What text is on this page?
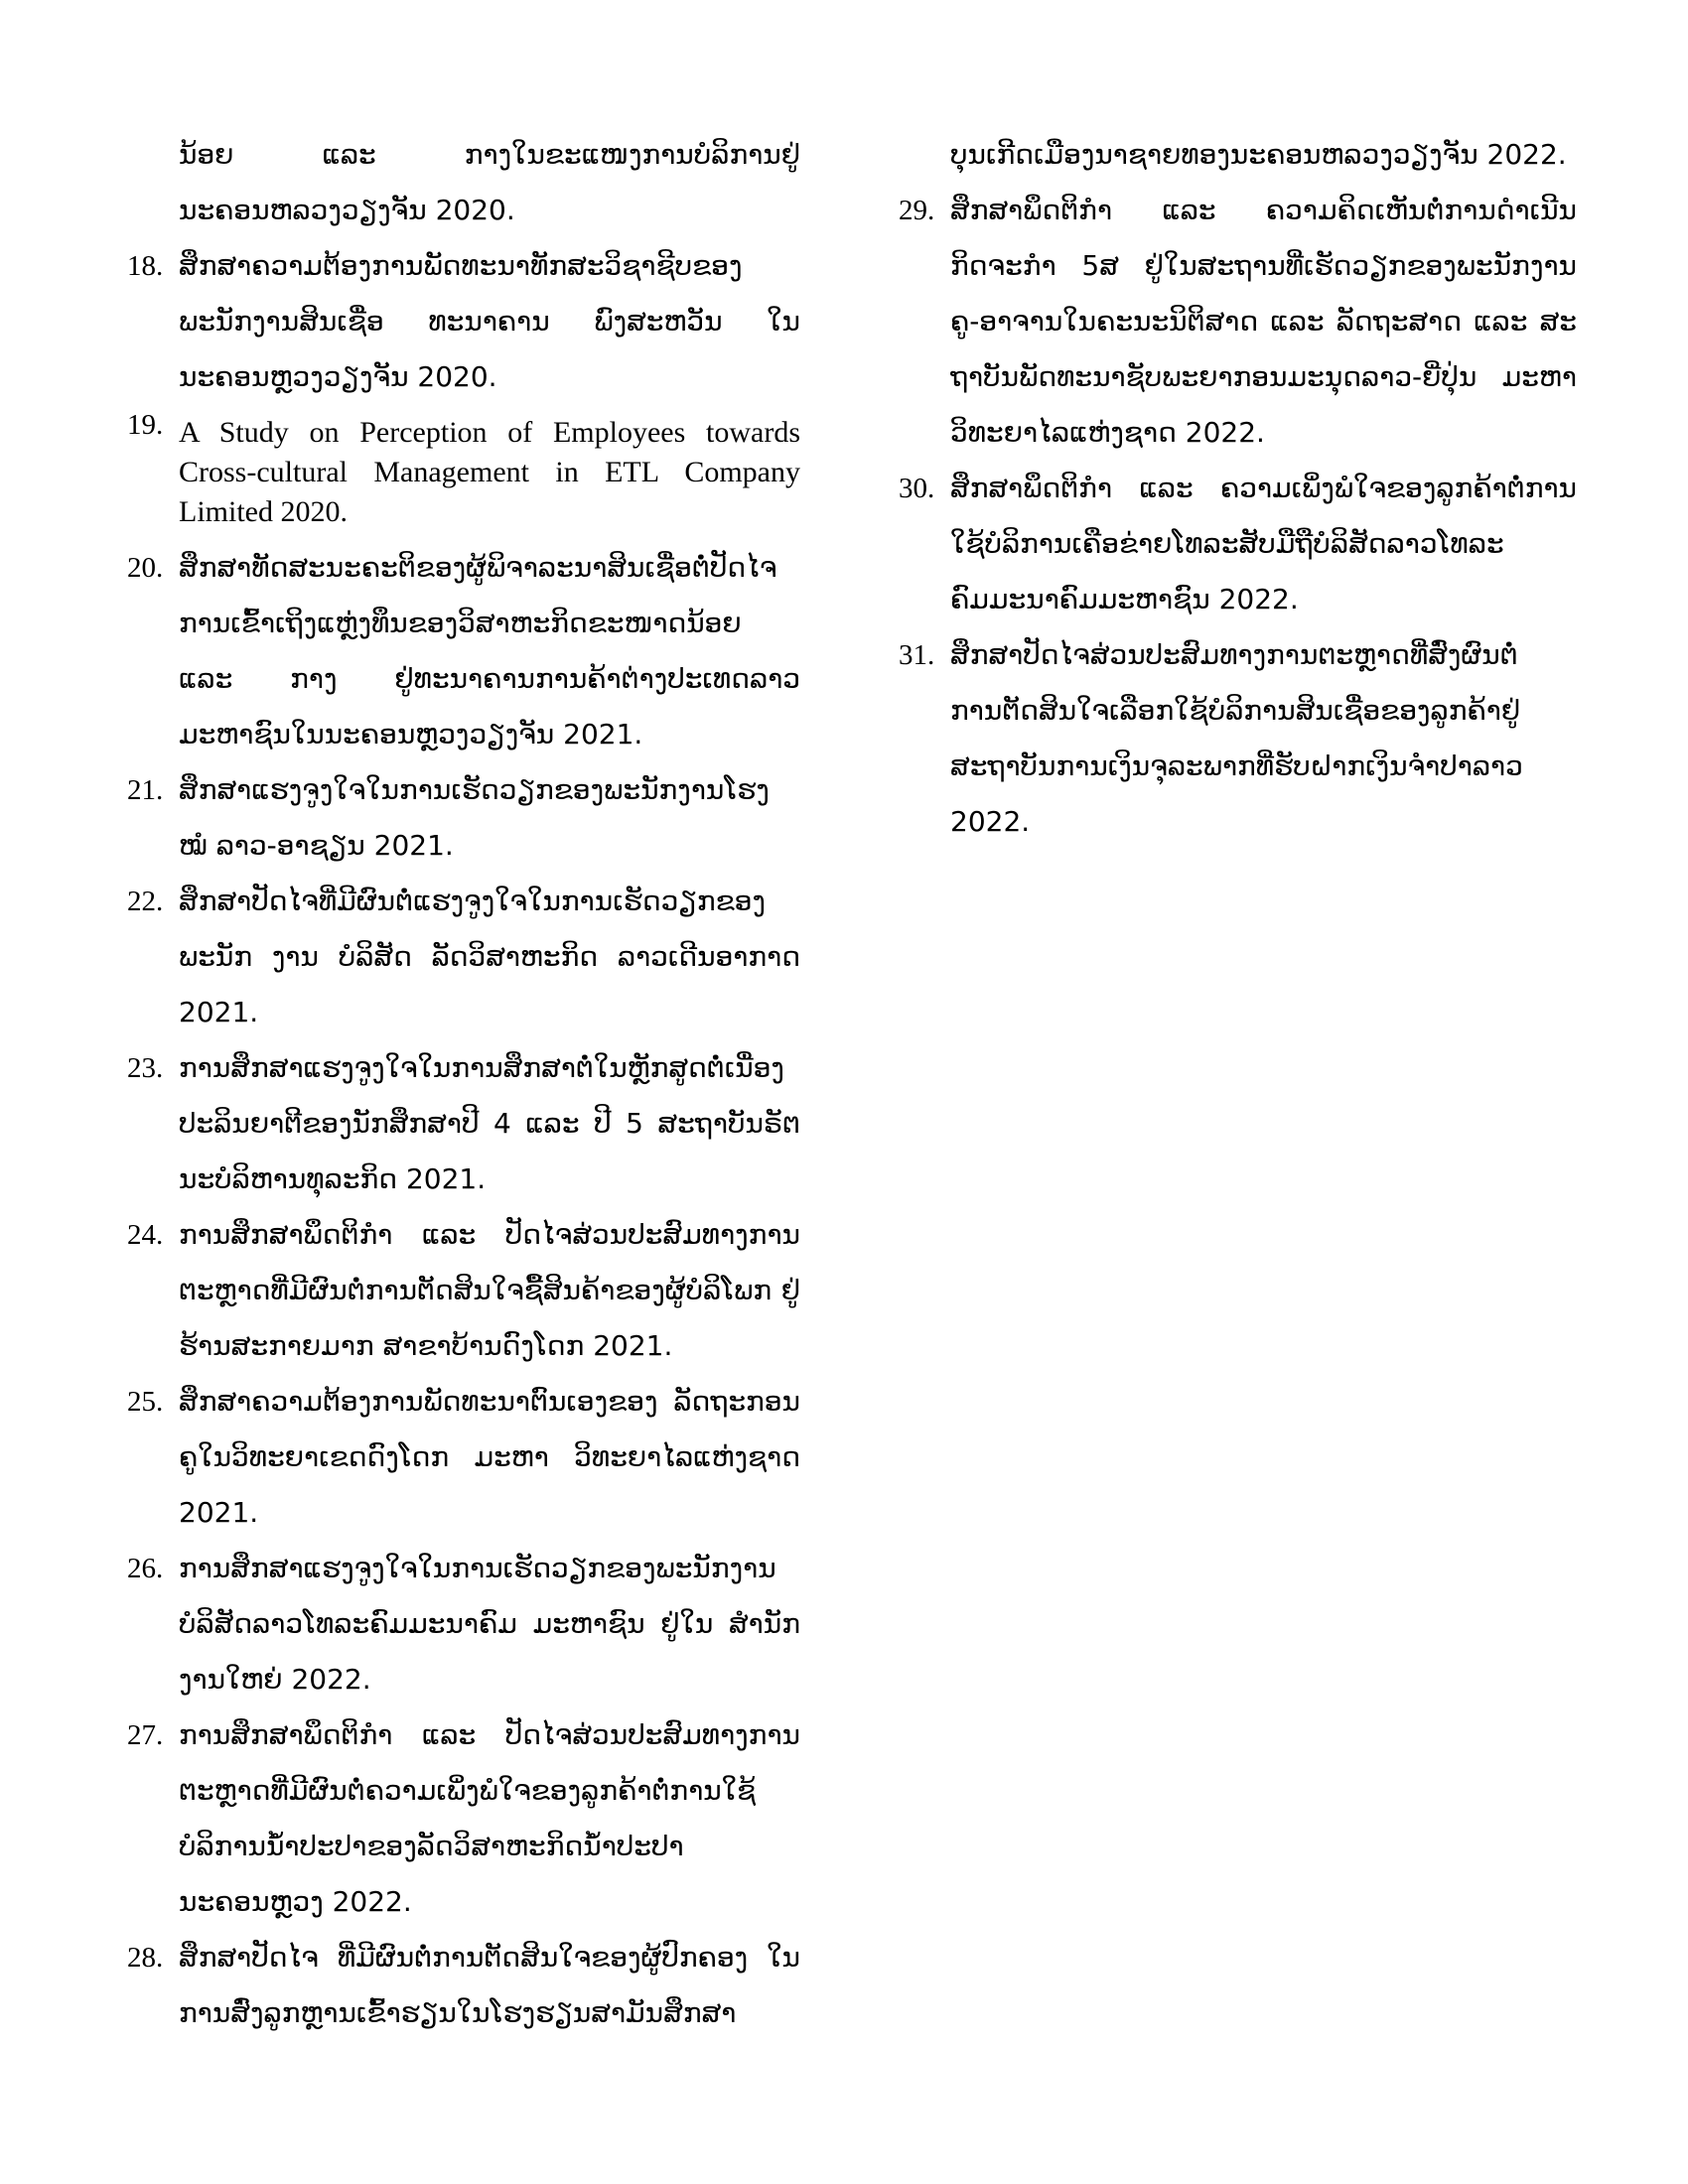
ນ້ອຍ ແລະ ກາງໃນຂະແໜງການບໍລິການຢູ່ ນະຄອນຫລວງວຽງຈັນ 2020.
18. ສຶກສາຄວາມຕ້ອງການພັດທະນາທັກສະວິຊາຊີບຂອງ ພະນັກງານສິນເຊື່ອ ທະນາຄານ ພົງສະຫວັນ ໃນ ນະຄອນຫຼວງວຽງຈັນ 2020.
19. A Study on Perception of Employees towards Cross-cultural Management in ETL Company Limited 2020.
20. ສຶກສາທັດສະນະຄະຕິຂອງຜູ້ພິຈາລະນາສິນເຊື່ອຕໍ່ປັດໄຈ ການເຂົ້າເຖິງແຫຼ່ງທຶນຂອງວິສາຫະກິດຂະໜາດນ້ອຍ ແລະ ກາງ ຢູ່ທະນາຄານການຄ້າຕ່າງປະເທດລາວ ມະຫາຊົນໃນນະຄອນຫຼວງວຽງຈັນ 2021.
21. ສຶກສາແຮງຈູງໃຈໃນການເຮັດວຽກຂອງພະນັກງານໂຮງ ໝໍ ລາວ-ອາຊຽນ 2021.
22. ສຶກສາປັດໄຈທີ່ມີຜົນຕໍ່ແຮງຈູງໃຈໃນການເຮັດວຽກຂອງ ພະນັກ ງານ ບໍລິສັດ ລັດວິສາຫະກິດ ລາວເດີນອາກາດ 2021.
23. ການສຶກສາແຮງຈູງໃຈໃນການສຶກສາຕໍ່ໃນຫຼັກສູດຕໍ່ເນື່ອງ ປະລິນຍາຕີຂອງນັກສຶກສາປີ 4 ແລະ ປີ 5 ສະຖາບັນຣັຕ ນະບໍລິຫານທຸລະກິດ 2021.
24. ການສຶກສາພຶດຕິກຳ ແລະ ປັດໄຈສ່ວນປະສົມທາງການ ຕະຫຼາດທີ່ມີຜົນຕໍ່ການຕັດສິນໃຈຊື້ສິນຄ້າຂອງຜູ້ບໍລິໂພກ ຢູ່ຮ້ານສະກາຍມາກ ສາຂາບ້ານດົງໂດກ 2021.
25. ສຶກສາຄວາມຕ້ອງການພັດທະນາຕົນເອງຂອງ ລັດຖະກອນຄູໃນວິທະຍາເຂດດົງໂດກ ມະຫາ ວິທະຍາໄລແຫ່ງຊາດ 2021.
26. ການສຶກສາແຮງຈູງໃຈໃນການເຮັດວຽກຂອງພະນັກງານ ບໍລິສັດລາວໂທລະຄົມມະນາຄົມ ມະຫາຊົນ ຢູ່ໃນ ສໍານັກງານໃຫຍ່ 2022.
27. ການສຶກສາພຶດຕິກຳ ແລະ ປັດໄຈສ່ວນປະສົມທາງການ ຕະຫຼາດທີ່ມີຜົນຕໍ່ຄວາມເພິ່ງພໍໃຈຂອງລູກຄ້າຕໍ່ການໃຊ້ ບໍລິການນໍ້າປະປາຂອງລັດວິສາຫະກິດນໍ້າປະປາ ນະຄອນຫຼວງ 2022.
28. ສຶກສາປັດໄຈ ທີ່ມີຜົນຕໍ່ການຕັດສິນໃຈຂອງຜູ້ປົກຄອງ ໃນການສົ່ງລູກຫຼານເຂົ້າຮຽນໃນໂຮງຮຽນສາມັນສຶກສາ
ບຸນເກີດເມືອງນາຊາຍທອງນະຄອນຫລວງວຽງຈັນ 2022.
29. ສຶກສາພຶດຕິກຳ ແລະ ຄວາມຄິດເຫັນຕໍ່ການດຳເນີນ ກິດຈະກຳ 5ສ ຢູ່ໃນສະຖານທີ່ເຮັດວຽກຂອງພະນັກງານ ຄູ-ອາຈານໃນຄະນະນິຕິສາດ ແລະ ລັດຖະສາດ ແລະ ສະ ຖາບັນພັດທະນາຊັບພະຍາກອນມະນຸດລາວ-ຍີ່ປຸ່ນ ມະຫາວິທະຍາໄລແຫ່ງຊາດ 2022.
30. ສຶກສາພຶດຕິກຳ ແລະ ຄວາມເພິ່ງພໍໃຈຂອງລູກຄ້າຕໍ່ການ ໃຊ້ບໍລິການເຄືອຂ່າຍໂທລະສັບມືຖືບໍລິສັດລາວໂທລະ ຄົມມະນາຄົມມະຫາຊົນ 2022.
31. ສຶກສາປັດໄຈສ່ວນປະສົມທາງການຕະຫຼາດທີ່ສົ່ງຜົນຕໍ່ ການຕັດສິນໃຈເລືອກໃຊ້ບໍລິການສິນເຊື່ອຂອງລູກຄ້າຢູ່ ສະຖາບັນການເງິນຈຸລະພາກທີ່ຮັບຝາກເງິນຈຳປາລາວ 2022.
